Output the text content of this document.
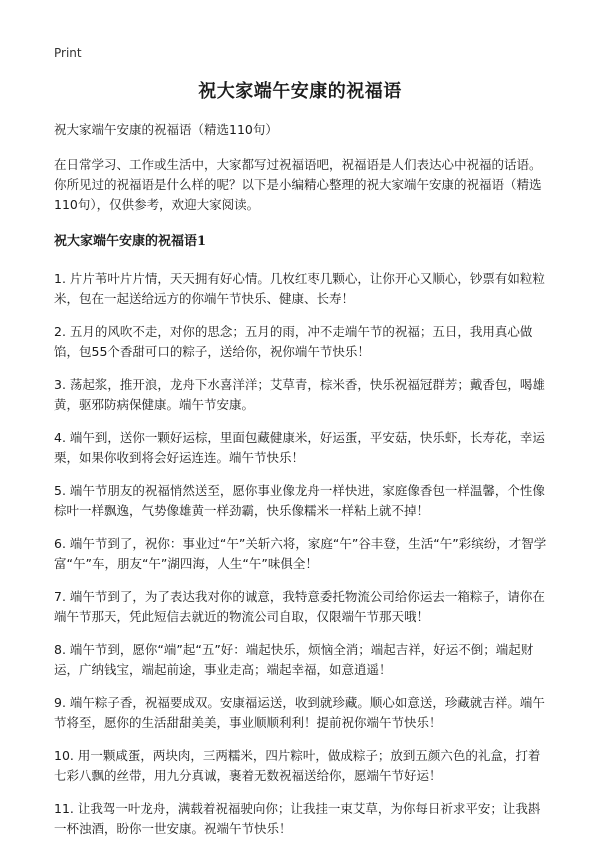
Print
祝大家端午安康的祝福语

祝大家端午安康的祝福语（精选110句）

在日常学习、工作或生活中，大家都写过祝福语吧，祝福语是人们表达心中祝福的话语。你所见过的祝福语是什么样的呢？以下是小编精心整理的祝大家端午安康的祝福语（精选110句），仅供参考，欢迎大家阅读。

祝大家端午安康的祝福语1

1. 片片苇叶片片情，天天拥有好心情。几枚红枣几颗心，让你开心又顺心，钞票有如粒粒米，包在一起送给远方的你端午节快乐、健康、长寿！

2. 五月的风吹不走，对你的思念；五月的雨，冲不走端午节的祝福；五日，我用真心做馅，包55个香甜可口的粽子，送给你，祝你端午节快乐！

3. 荡起浆，推开浪，龙舟下水喜洋洋；艾草青，棕米香，快乐祝福冠群芳；戴香包，喝雄黄，驱邪防病保健康。端午节安康。

4. 端午到，送你一颗好运棕，里面包藏健康米，好运蛋，平安菇，快乐虾，长寿花，幸运栗，如果你收到将会好运连连。端午节快乐！

5. 端午节朋友的祝福悄然送至，愿你事业像龙舟一样快进，家庭像香包一样温馨，个性像棕叶一样飘逸，气势像雄黄一样劲霸，快乐像糯米一样粘上就不掉！

6. 端午节到了，祝你：事业过“午”关斩六将，家庭“午”谷丰登，生活“午”彩缤纷，才智学富“午”车，朋友“午”湖四海，人生“午”味俱全！

7. 端午节到了，为了表达我对你的诚意，我特意委托物流公司给你运去一箱粽子，请你在端午节那天，凭此短信去就近的物流公司自取，仅限端午节那天哦！

8. 端午节到，愿你“端”起“五”好：端起快乐，烦恼全消；端起吉祥，好运不倒；端起财运，广纳钱宝，端起前途，事业走高；端起幸福，如意逍遥！

9. 端午粽子香，祝福要成双。安康福运送，收到就珍藏。顺心如意送，珍藏就吉祥。端午节将至，愿你的生活甜甜美美，事业顺顺利利！提前祝你端午节快乐！

10. 用一颗咸蛋，两块肉，三两糯米，四片粽叶，做成粽子；放到五颜六色的礼盒，打着七彩八飘的丝带，用九分真诚，裹着无数祝福送给你，愿端午节好运！

11. 让我驾一叶龙舟，满载着祝福驶向你；让我挂一束艾草，为你每日祈求平安；让我斟一杯浊酒，盼你一世安康。祝端午节快乐！
